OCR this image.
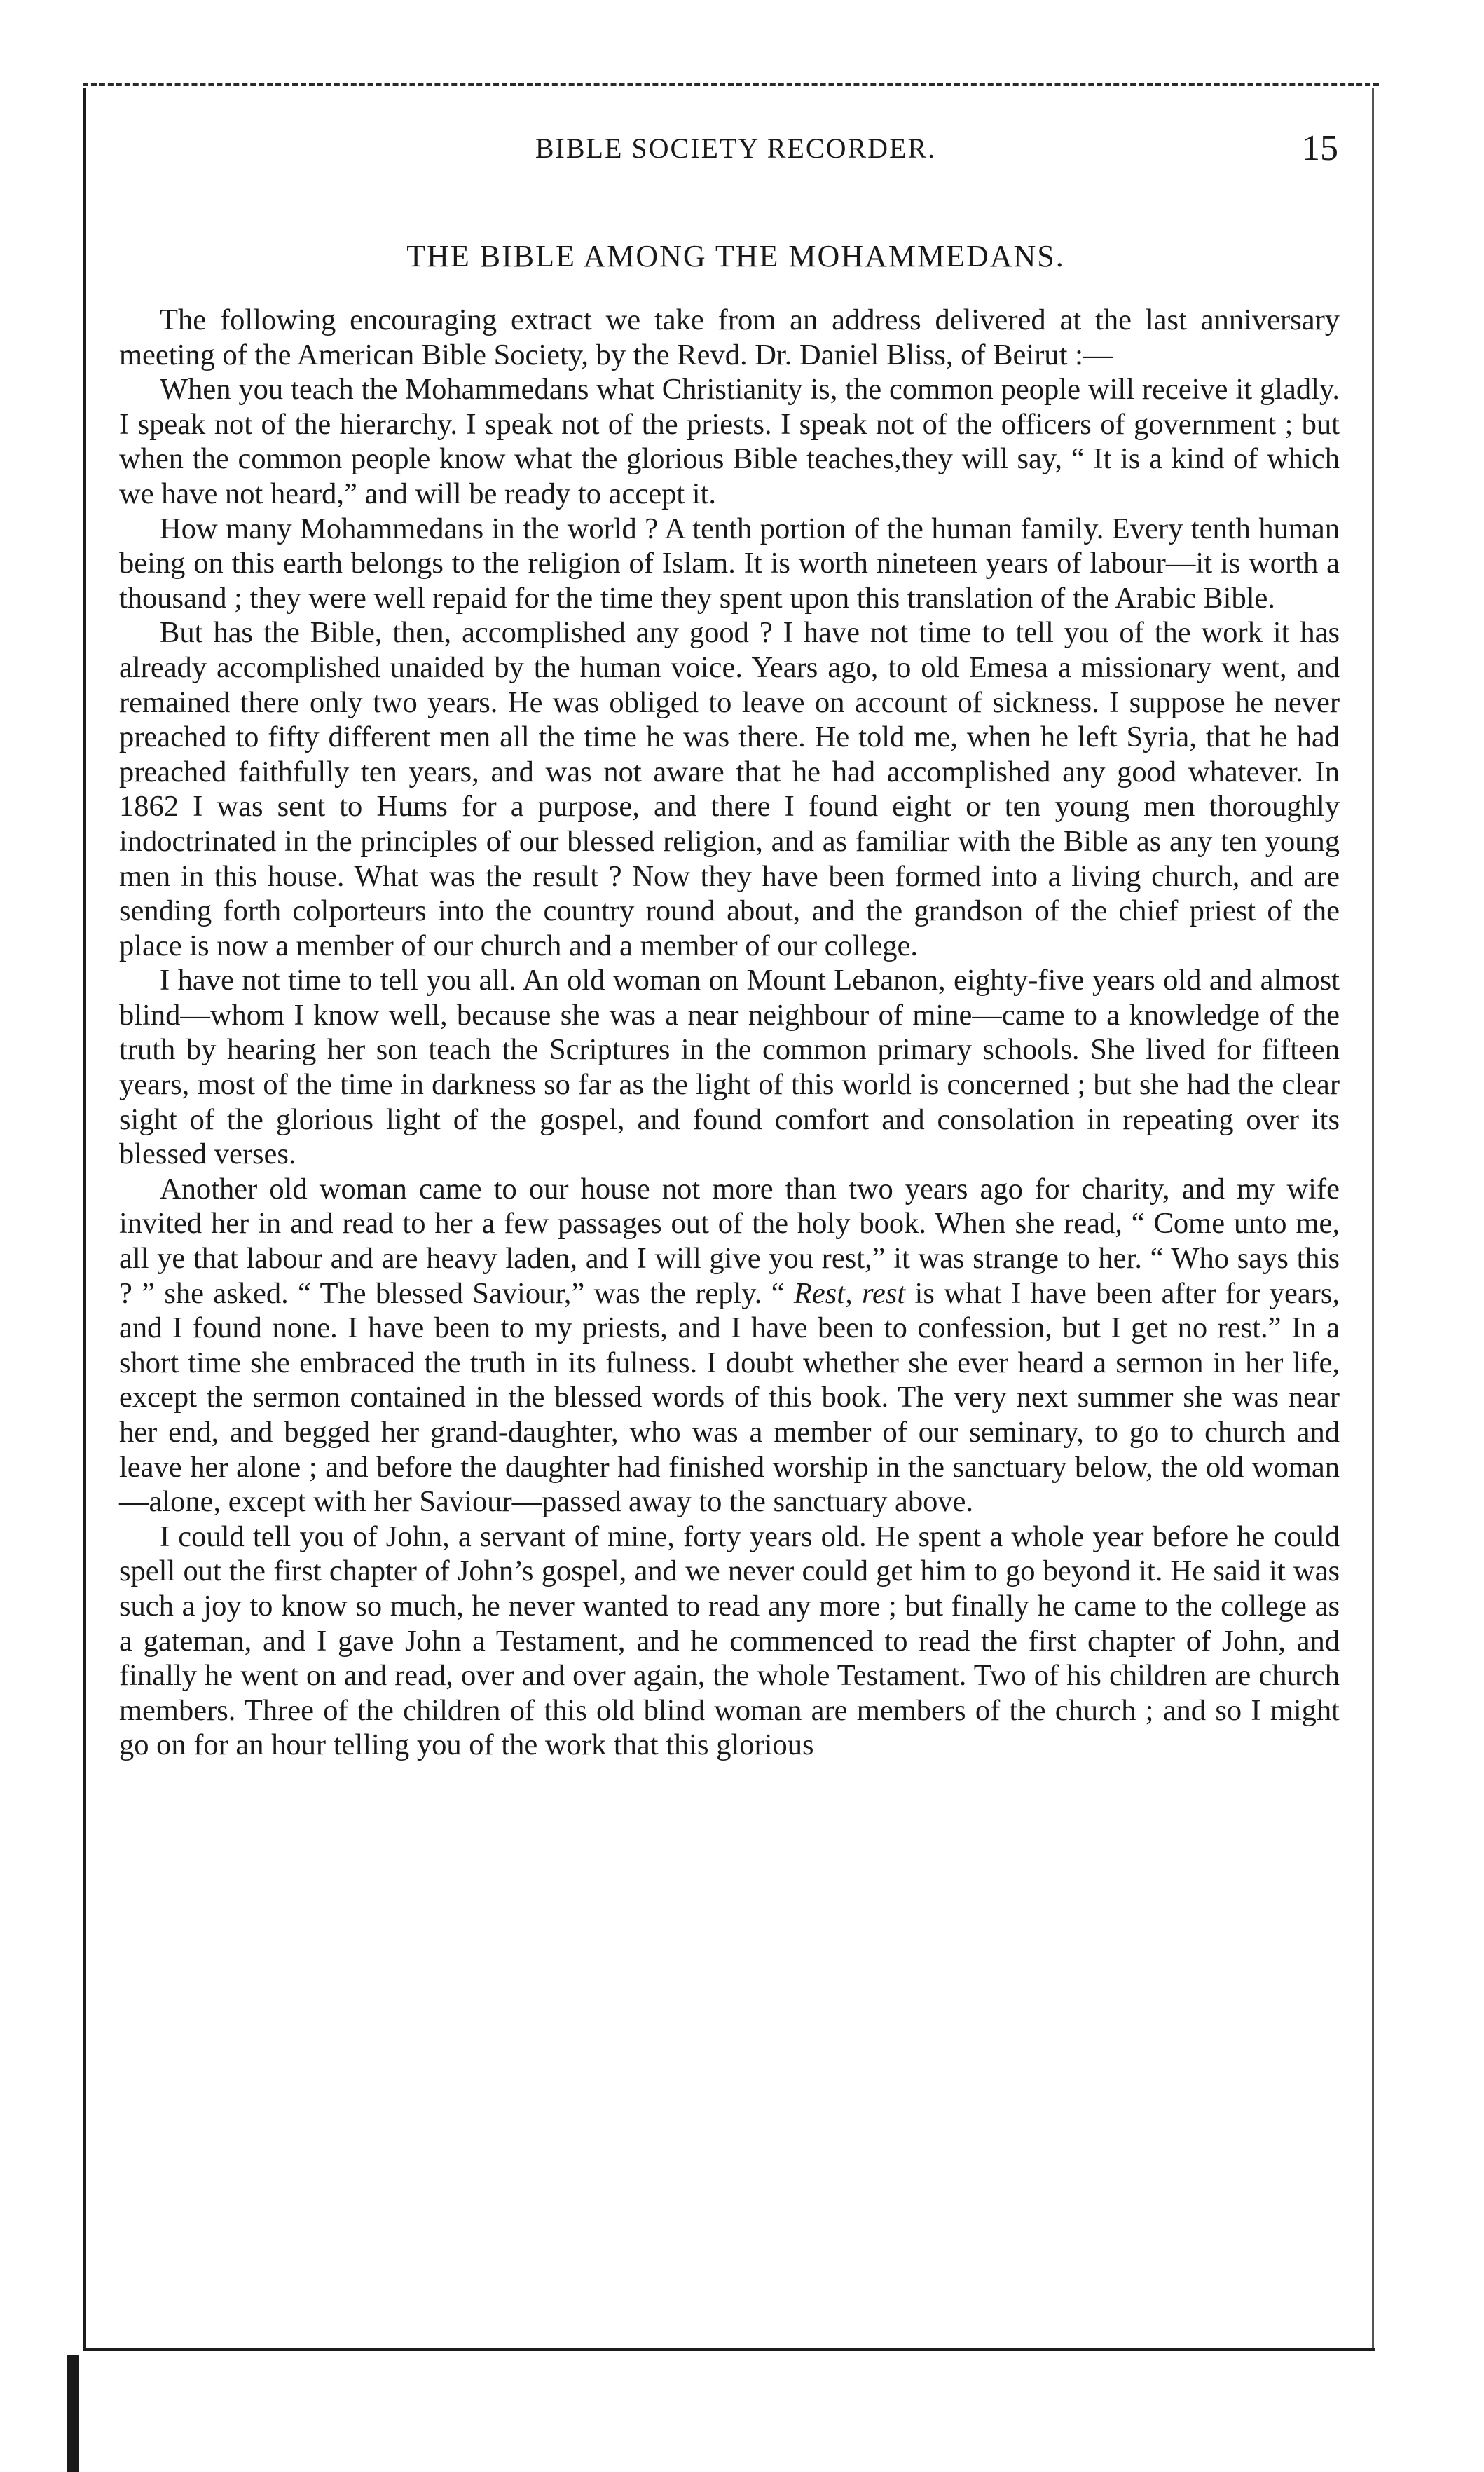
BIBLE SOCIETY RECORDER.	15
THE BIBLE AMONG THE MOHAMMEDANS.

The following encouraging extract we take from an address delivered at the last anniversary meeting of the American Bible Society, by the Revd. Dr. Daniel Bliss, of Beirut :—

When you teach the Mohammedans what Christianity is, the common people will receive it gladly. I speak not of the hierarchy. I speak not of the priests. I speak not of the officers of government ; but when the common people know what the glorious Bible teaches,they will say, “ It is a kind of which we have not heard,” and will be ready to accept it.

How many Mohammedans in the world ? A tenth portion of the human family. Every tenth human being on this earth belongs to the religion of Islam. It is worth nineteen years of labour—it is worth a thousand ; they were well repaid for the time they spent upon this translation of the Arabic Bible.

But has the Bible, then, accomplished any good ? I have not time to tell you of the work it has already accomplished unaided by the human voice. Years ago, to old Emesa a missionary went, and remained there only two years. He was obliged to leave on account of sickness. I suppose he never preached to fifty different men all the time he was there. He told me, when he left Syria, that he had preached faithfully ten years, and was not aware that he had accomplished any good whatever. In 1862 I was sent to Hums for a purpose, and there I found eight or ten young men thoroughly indoctrinated in the principles of our blessed religion, and as familiar with the Bible as any ten young men in this house. What was the result ? Now they have been formed into a living church, and are sending forth colporteurs into the country round about, and the grandson of the chief priest of the place is now a member of our church and a member of our college.

I have not time to tell you all. An old woman on Mount Lebanon, eighty-five years old and almost blind—whom I know well, because she was a near neighbour of mine—came to a knowledge of the truth by hearing her son teach the Scriptures in the common primary schools. She lived for fifteen years, most of the time in darkness so far as the light of this world is concerned ; but she had the clear sight of the glorious light of the gospel, and found comfort and consolation in repeating over its blessed verses.

Another old woman came to our house not more than two years ago for charity, and my wife invited her in and read to her a few passages out of the holy book. When she read, “ Come unto me, all ye that labour and are heavy laden, and I will give you rest,” it was strange to her. “ Who says this ? ” she asked. “ The blessed Saviour,” was the reply. “ Rest, rest is what I have been after for years, and I found none. I have been to my priests, and I have been to confession, but I get no rest.” In a short time she embraced the truth in its fulness. I doubt whether she ever heard a sermon in her life, except the sermon contained in the blessed words of this book. The very next summer she was near her end, and begged her grand-daughter, who was a member of our seminary, to go to church and leave her alone ; and before the daughter had finished worship in the sanctuary below, the old woman—alone, except with her Saviour—passed away to the sanctuary above.

I could tell you of John, a servant of mine, forty years old. He spent a whole year before he could spell out the first chapter of John’s gospel, and we never could get him to go beyond it. He said it was such a joy to know so much, he never wanted to read any more ; but finally he came to the college as a gateman, and I gave John a Testament, and he commenced to read the first chapter of John, and finally he went on and read, over and over again, the whole Testament. Two of his children are church members. Three of the children of this old blind woman are members of the church ; and so I might go on for an hour telling you of the work that this glorious
